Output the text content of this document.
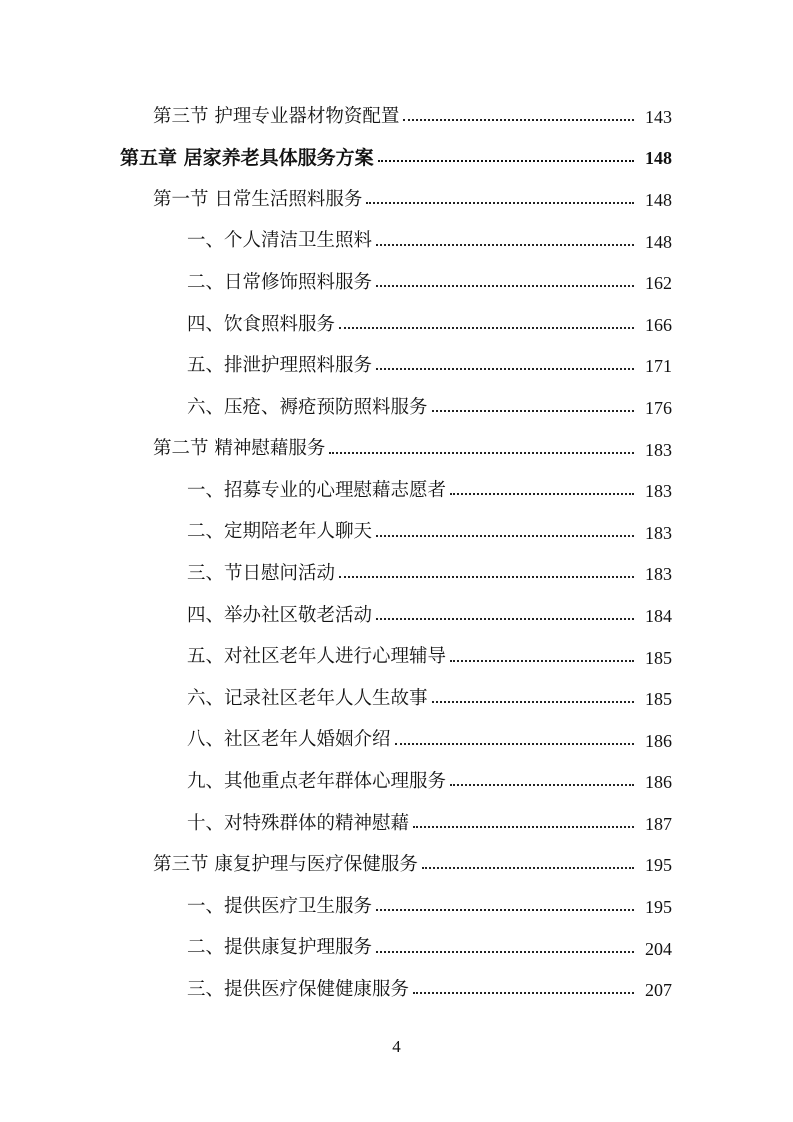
第三节 护理专业器材物资配置	143
第五章 居家养老具体服务方案	148
第一节 日常生活照料服务	148
一、个人清洁卫生照料	148
二、日常修饰照料服务	162
四、饮食照料服务	166
五、排泄护理照料服务	171
六、压疮、褥疮预防照料服务	176
第二节 精神慰藉服务	183
一、招募专业的心理慰藉志愿者	183
二、定期陪老年人聊天	183
三、节日慰问活动	183
四、举办社区敬老活动	184
五、对社区老年人进行心理辅导	185
六、记录社区老年人人生故事	185
八、社区老年人婚姻介绍	186
九、其他重点老年群体心理服务	186
十、对特殊群体的精神慰藉	187
第三节 康复护理与医疗保健服务	195
一、提供医疗卫生服务	195
二、提供康复护理服务	204
三、提供医疗保健健康服务	207
4
